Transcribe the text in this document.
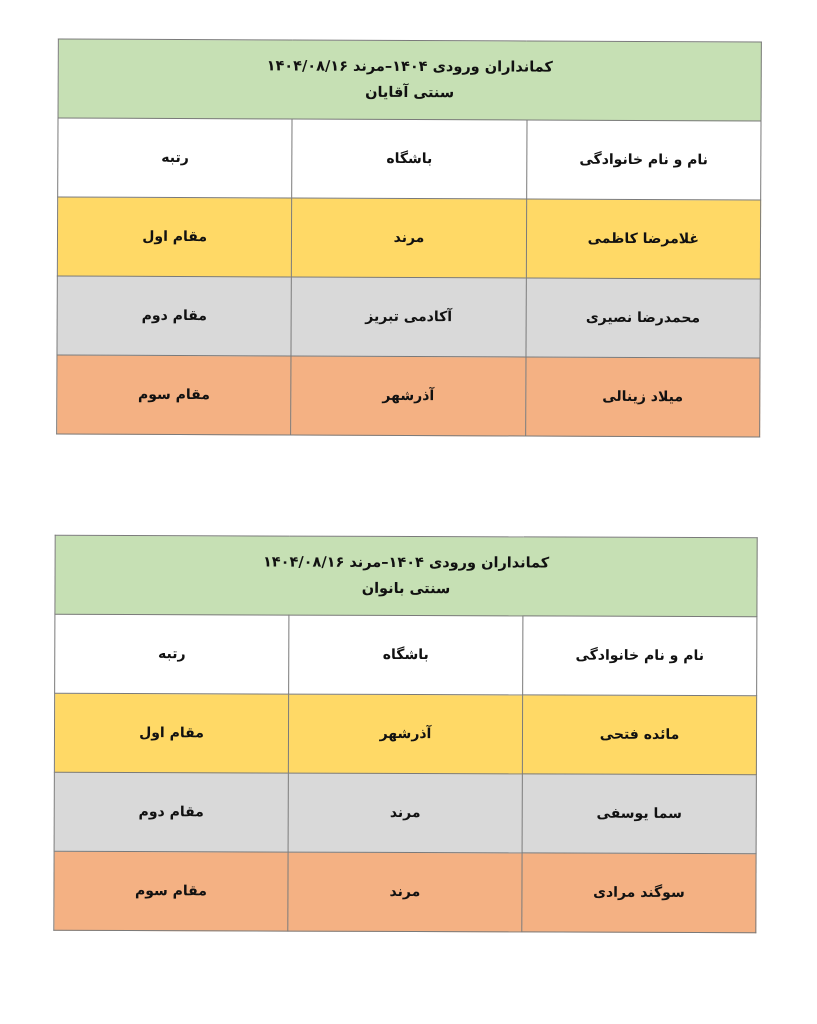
کمانداران ورودی ۱۴۰۴–مرند ۱۴۰۴/۰۸/۱۶
سنتی آقایان		

نام و نام خانوادگی	باشگاه	رتبه
غلامرضا کاظمی	مرند	مقام اول
محمدرضا نصیری	آکادمی تبریز	مقام دوم
میلاد زینالی	آذرشهر	مقام سوم
کمانداران ورودی ۱۴۰۴–مرند ۱۴۰۴/۰۸/۱۶
سنتی بانوان		

نام و نام خانوادگی	باشگاه	رتبه
مائده فتحی	آذرشهر	مقام اول
سما یوسفی	مرند	مقام دوم
سوگند مرادی	مرند	مقام سوم
